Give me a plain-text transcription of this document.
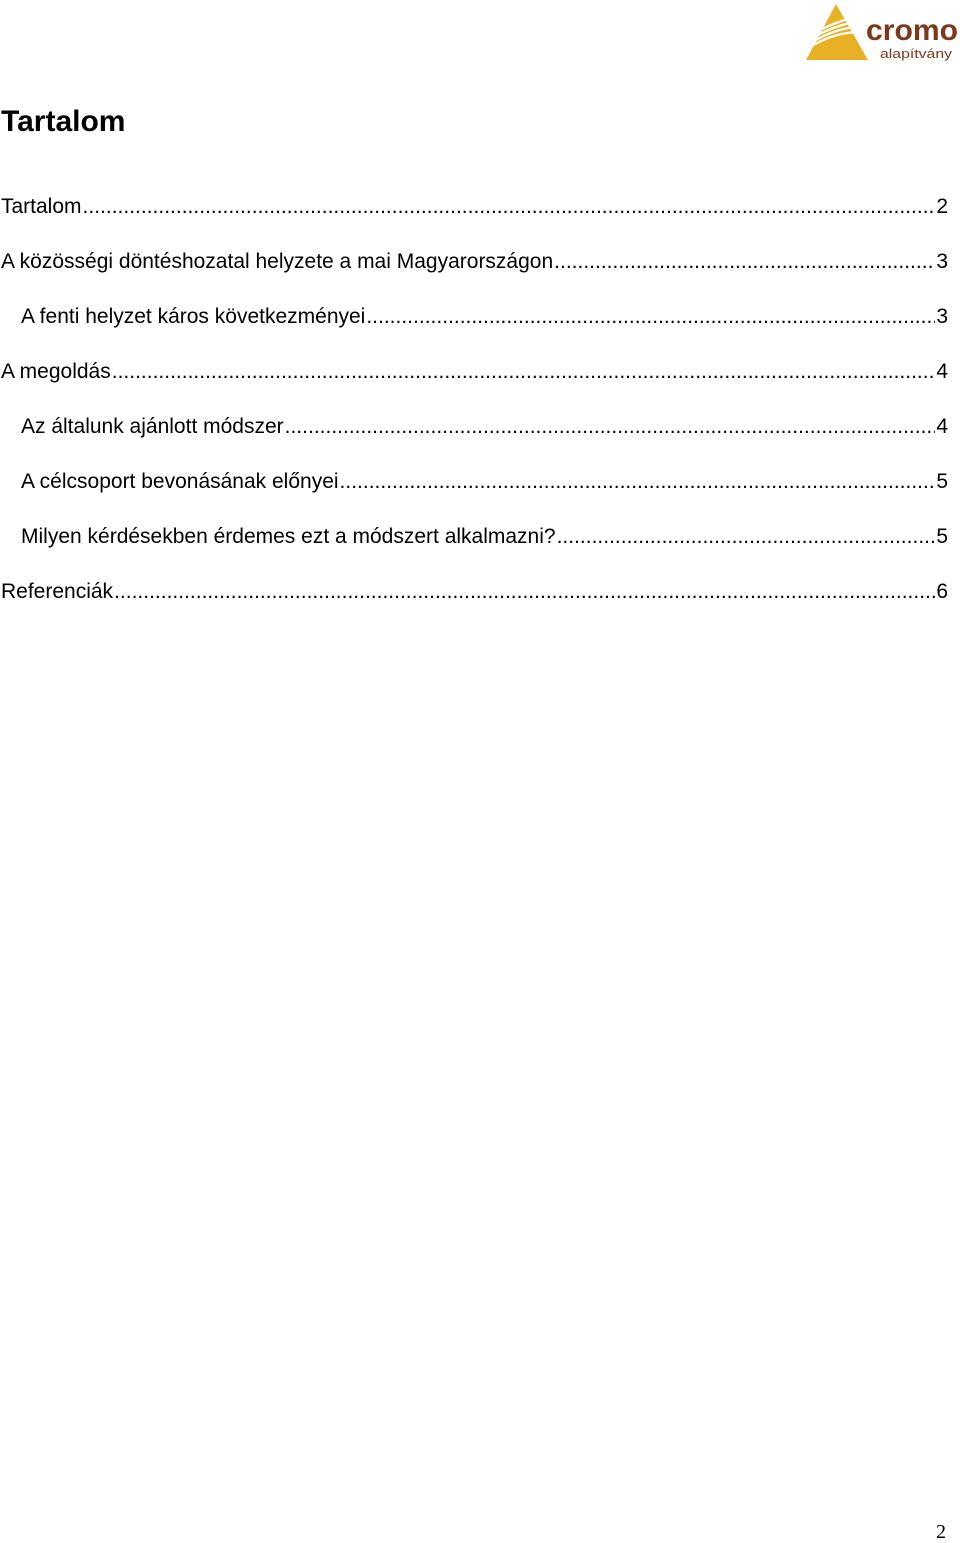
cromo
alapítvány
Tartalom
Tartalom .....	2
A közösségi döntéshozatal helyzete a mai Magyarországon .....	3
A fenti helyzet káros következményei .....	3
A megoldás .....	4
Az általunk ajánlott módszer .....	4
A célcsoport bevonásának előnyei .....	5
Milyen kérdésekben érdemes ezt a módszert alkalmazni? .....	5
Referenciák .....	6
2
